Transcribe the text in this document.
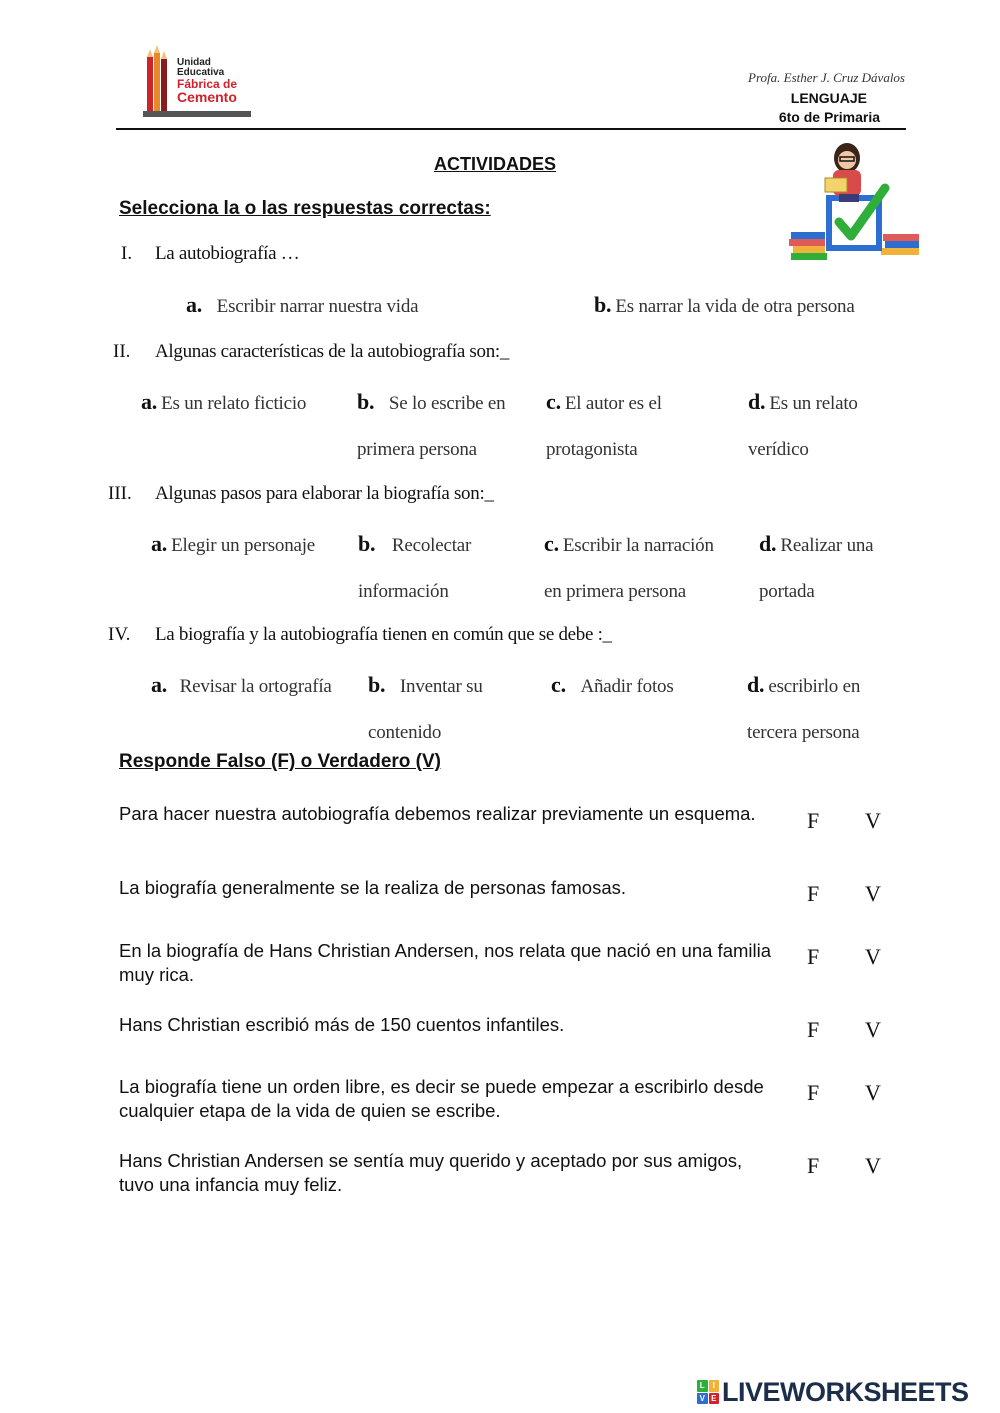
Unidad
Educativa
Fábrica de
Cemento
Profa. Esther J. Cruz Dávalos
LENGUAJE
6to de Primaria
ACTIVIDADES
Selecciona la o las respuestas correctas:
I. La autobiografía …
a. Escribir narrar nuestra vida	b. Es narrar la vida de otra persona
II. Algunas características de la autobiografía son:_
a. Es un relato ficticio b. Se lo escribe en
primera persona
c. El autor es el
protagonista
d. Es un relato
verídico
III. Algunas pasos para elaborar la biografía son:_
a. Elegir un personaje b. Recolectar
información
c. Escribir la narración
en primera persona
d. Realizar una
portada
IV. La biografía y la autobiografía tienen en común que se debe :_
a. Revisar la ortografía b. Inventar su
contenido
c. Añadir fotos	d. escribirlo en
tercera persona
Responde Falso (F) o Verdadero (V)
Para hacer nuestra autobiografía debemos realizar previamente un esquema.	F V
La biografía generalmente se la realiza de personas famosas.	F V
En la biografía de Hans Christian Andersen, nos relata que nació en una familia muy rica.
F V
Hans Christian escribió más de 150 cuentos infantiles.	F V
La biografía tiene un orden libre, es decir se puede empezar a escribirlo desde cualquier etapa de la vida de quien se escribe.
F V
Hans Christian Andersen se sentía muy querido y aceptado por sus amigos, tuvo una infancia muy feliz.
F V
L I
V E LIVEWORKSHEETS
